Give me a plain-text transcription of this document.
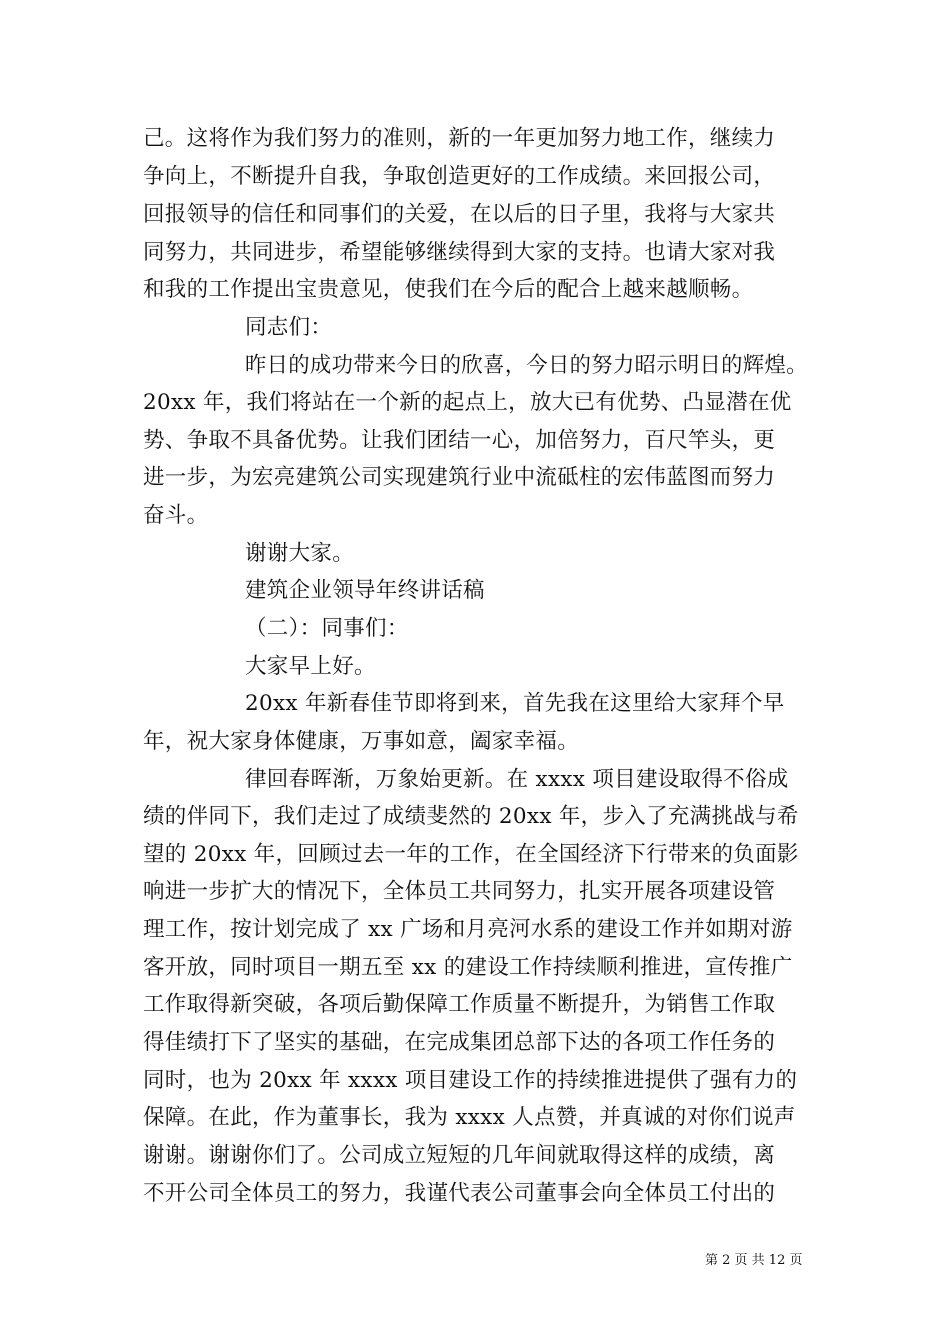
己。这将作为我们努力的准则，新的一年更加努力地工作，继续力
争向上，不断提升自我，争取创造更好的工作成绩。来回报公司，
回报领导的信任和同事们的关爱，在以后的日子里，我将与大家共
同努力，共同进步，希望能够继续得到大家的支持。也请大家对我
和我的工作提出宝贵意见，使我们在今后的配合上越来越顺畅。
同志们：
昨日的成功带来今日的欣喜，今日的努力昭示明日的辉煌。
20xx 年，我们将站在一个新的起点上，放大已有优势、凸显潜在优
势、争取不具备优势。让我们团结一心，加倍努力，百尺竿头，更
进一步，为宏亮建筑公司实现建筑行业中流砥柱的宏伟蓝图而努力
奋斗。
谢谢大家。
建筑企业领导年终讲话稿
（二）：同事们：
大家早上好。
20xx 年新春佳节即将到来，首先我在这里给大家拜个早
年，祝大家身体健康，万事如意，阖家幸福。
律回春晖渐，万象始更新。在 xxxx 项目建设取得不俗成
绩的伴同下，我们走过了成绩斐然的 20xx 年，步入了充满挑战与希
望的 20xx 年，回顾过去一年的工作，在全国经济下行带来的负面影
响进一步扩大的情况下，全体员工共同努力，扎实开展各项建设管
理工作，按计划完成了 xx 广场和月亮河水系的建设工作并如期对游
客开放，同时项目一期五至 xx 的建设工作持续顺利推进，宣传推广
工作取得新突破，各项后勤保障工作质量不断提升，为销售工作取
得佳绩打下了坚实的基础，在完成集团总部下达的各项工作任务的
同时，也为 20xx 年 xxxx 项目建设工作的持续推进提供了强有力的
保障。在此，作为董事长，我为 xxxx 人点赞，并真诚的对你们说声
谢谢。谢谢你们了。公司成立短短的几年间就取得这样的成绩，离
不开公司全体员工的努力，我谨代表公司董事会向全体员工付出的
第 2 页 共 12 页
